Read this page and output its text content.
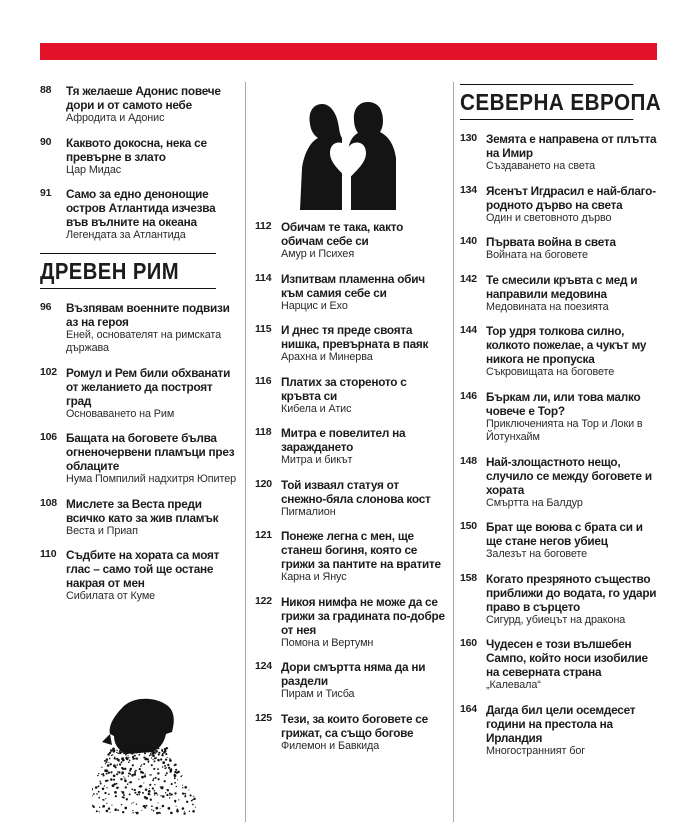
88	Тя желаеше Адонис повече дори и от самото небе
Афродита и Адонис
90	Каквото докосна, нека се превърне в злато
Цар Мидас
91	Само за едно денонощие остров Атлантида изчезва във вълните на океана
Легендата за Атлантида
ДРЕВЕН РИМ
96	Възпявам военните подвизи аз на героя
Еней, основателят на римската държава
102 Ромул и Рем били обхванати от желанието да построят град
Основаването на Рим
106 Бащата на боговете бълва огненочервени пламъци през облаците
Нума Помпилий надхитря Юпитер
108 Мислете за Веста преди всичко като за жив пламък
Веста и Приап
110 Съдбите на хората са моят глас – само той ще остане накрая от мен
Сибилата от Куме
112 Обичам те така, както обичам себе си
Амур и Психея
114 Изпитвам пламенна обич към самия себе си
Нарцис и Ехо
115 И днес тя преде своята нишка, превърната в паяк
Арахна и Минерва
116 Платих за стореното с кръвта си
Кибела и Атис
118 Митра е повелител на зараждането
Митра и бикът
120 Той изваял статуя от снежно-бяла слонова кост
Пигмалион
121 Понеже легна с мен, ще станеш богиня, която се грижи за пантите на вратите
Карна и Янус
122 Никоя нимфа не може да се грижи за градината по-добре от нея
Помона и Вертумн
124 Дори смъртта няма да ни раздели
Пирам и Тисба
125 Тези, за които боговете се грижат, са също богове
Филемон и Бавкида
СЕВЕРНА ЕВРОПА
130 Земята е направена от плътта на Имир
Създаването на света
134 Ясенът Игдрасил е най-благо-родното дърво на света
Один и световното дърво
140 Първата война в света
Войната на боговете
142 Те смесили кръвта с мед и направили медовина
Медовината на поезията
144 Тор удря толкова силно, колкото пожелае, а чукът му никога не пропуска
Съкровищата на боговете
146 Бъркам ли, или това малко човече е Тор?
Приключенията на Тор и Локи в Йотунхайм
148 Най-злощастното нещо, случило се между боговете и хората
Смъртта на Балдур
150 Брат ще воюва с брата си и ще стане негов убиец
Залезът на боговете
158 Когато презряното същество приближи до водата, го удари право в сърцето
Сигурд, убиецът на дракона
160 Чудесен е този вълшебен Сампо, който носи изобилие на северната страна
„Калевала“
164 Дагда бил цели осемдесет години на престола на Ирландия
Многостранният бог
